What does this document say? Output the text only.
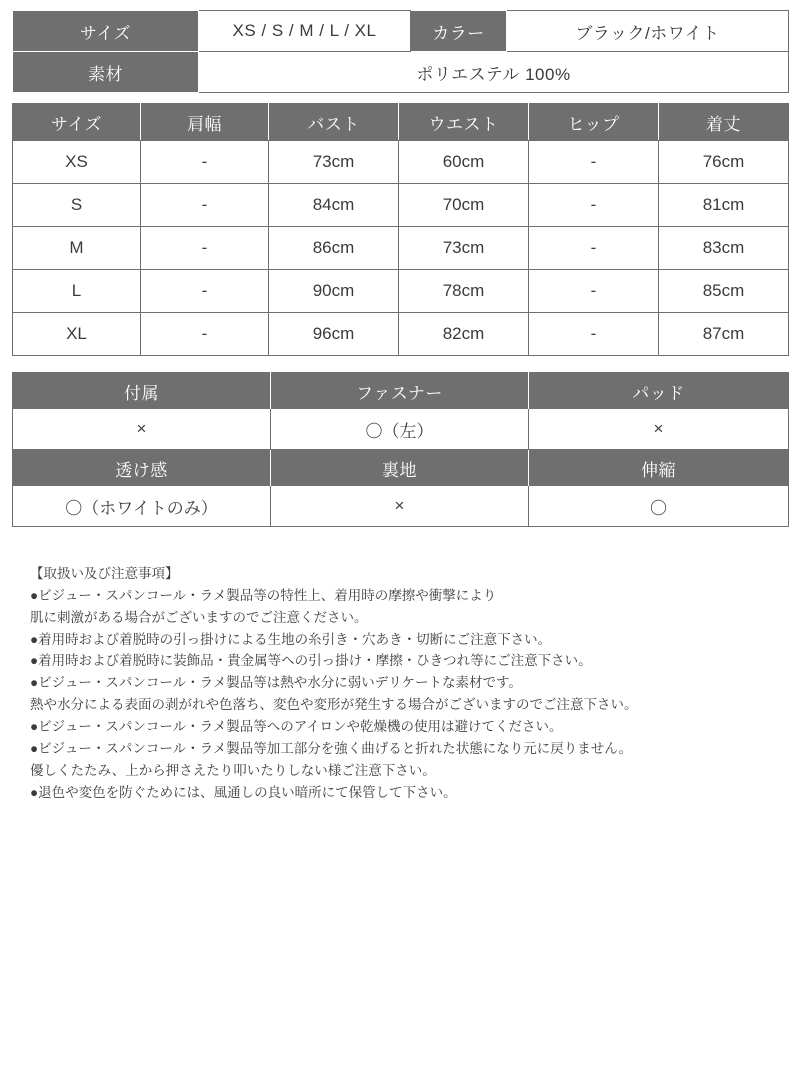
サイズ	XS / S / M / L / XL	カラー	ブラック/ホワイト
素材	ポリエステル 100%		
サイズ	肩幅	バスト	ウエスト	ヒップ	着丈
XS	-	73cm	60cm	-	76cm
S	-	84cm	70cm	-	81cm
M	-	86cm	73cm	-	83cm
L	-	90cm	78cm	-	85cm
XL	-	96cm	82cm	-	87cm
付属	ファスナー	パッド
×	〇（左）	×
透け感	裏地	伸縮
〇（ホワイトのみ）	×	〇
【取扱い及び注意事項】
●ビジュー・スパンコール・ラメ製品等の特性上、着用時の摩擦や衝撃により
肌に刺激がある場合がございますのでご注意ください。
●着用時および着脱時の引っ掛けによる生地の糸引き・穴あき・切断にご注意下さい。
●着用時および着脱時に装飾品・貴金属等への引っ掛け・摩擦・ひきつれ等にご注意下さい。
●ビジュー・スパンコール・ラメ製品等は熱や水分に弱いデリケートな素材です。
熱や水分による表面の剥がれや色落ち、変色や変形が発生する場合がございますのでご注意下さい。
●ビジュー・スパンコール・ラメ製品等へのアイロンや乾燥機の使用は避けてください。
●ビジュー・スパンコール・ラメ製品等加工部分を強く曲げると折れた状態になり元に戻りません。
優しくたたみ、上から押さえたり叩いたりしない様ご注意下さい。
●退色や変色を防ぐためには、風通しの良い暗所にて保管して下さい。
